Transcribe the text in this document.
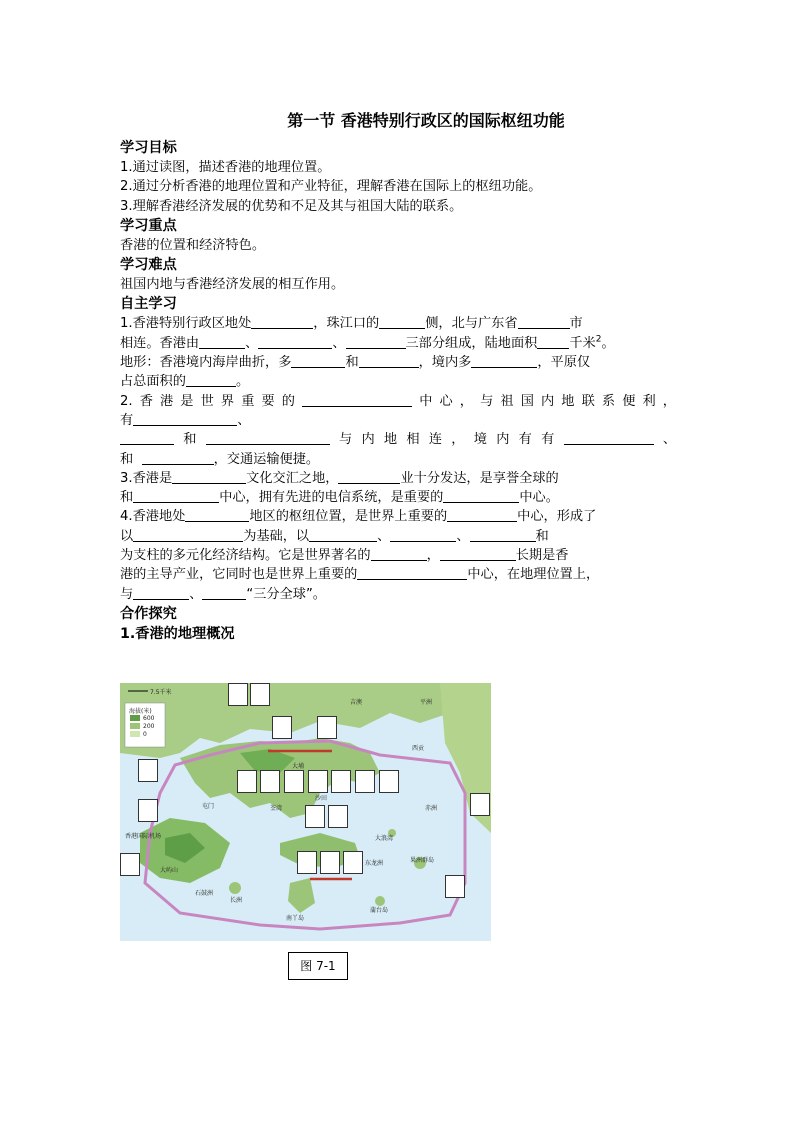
第一节 香港特别行政区的国际枢纽功能
学习目标
1.通过读图，描述香港的地理位置。
2.通过分析香港的地理位置和产业特征，理解香港在国际上的枢纽功能。
3.理解香港经济发展的优势和不足及其与祖国大陆的联系。
学习重点
香港的位置和经济特色。
学习难点
祖国内地与香港经济发展的相互作用。
自主学习
1.香港特别行政区地处	，珠江口的	侧，北与广东省	市
相连。香港由	、	、	三部分组成，陆地面积 千米$^2$。
地形：香港境内海岸曲折，多	和	，境内多	，平原仅
占总面积的	。
2.香港是世界重要的	中心，与祖国内地联系便利，
有	、
和	与内地相连，境内有有	、
和	，交通运输便捷。
3.香港是	文化交汇之地，	业十分发达，是享誉全球的
和	中心，拥有先进的电信系统，是重要的	中心。
4.香港地处	地区的枢纽位置，是世界上重要的	中心，形成了
以	为基础，以	、	、	和
为支柱的多元化经济结构。它是世界著名的	，	长期是香
港的主导产业，它同时也是世界上重要的	中心，在地理位置上，
与	、	“三分全球”。
合作探究
1.香港的地理概况
7.5千米
海拔(米)
600
200
0
平洲
吉澳
大埔
屯门
沙田
荃湾
大屿山
香港国际机场
南丫岛
长洲
石鼓洲
大浪湾
东龙洲
赤洲
蒲台岛
果洲群岛
西贡
图 7-1
